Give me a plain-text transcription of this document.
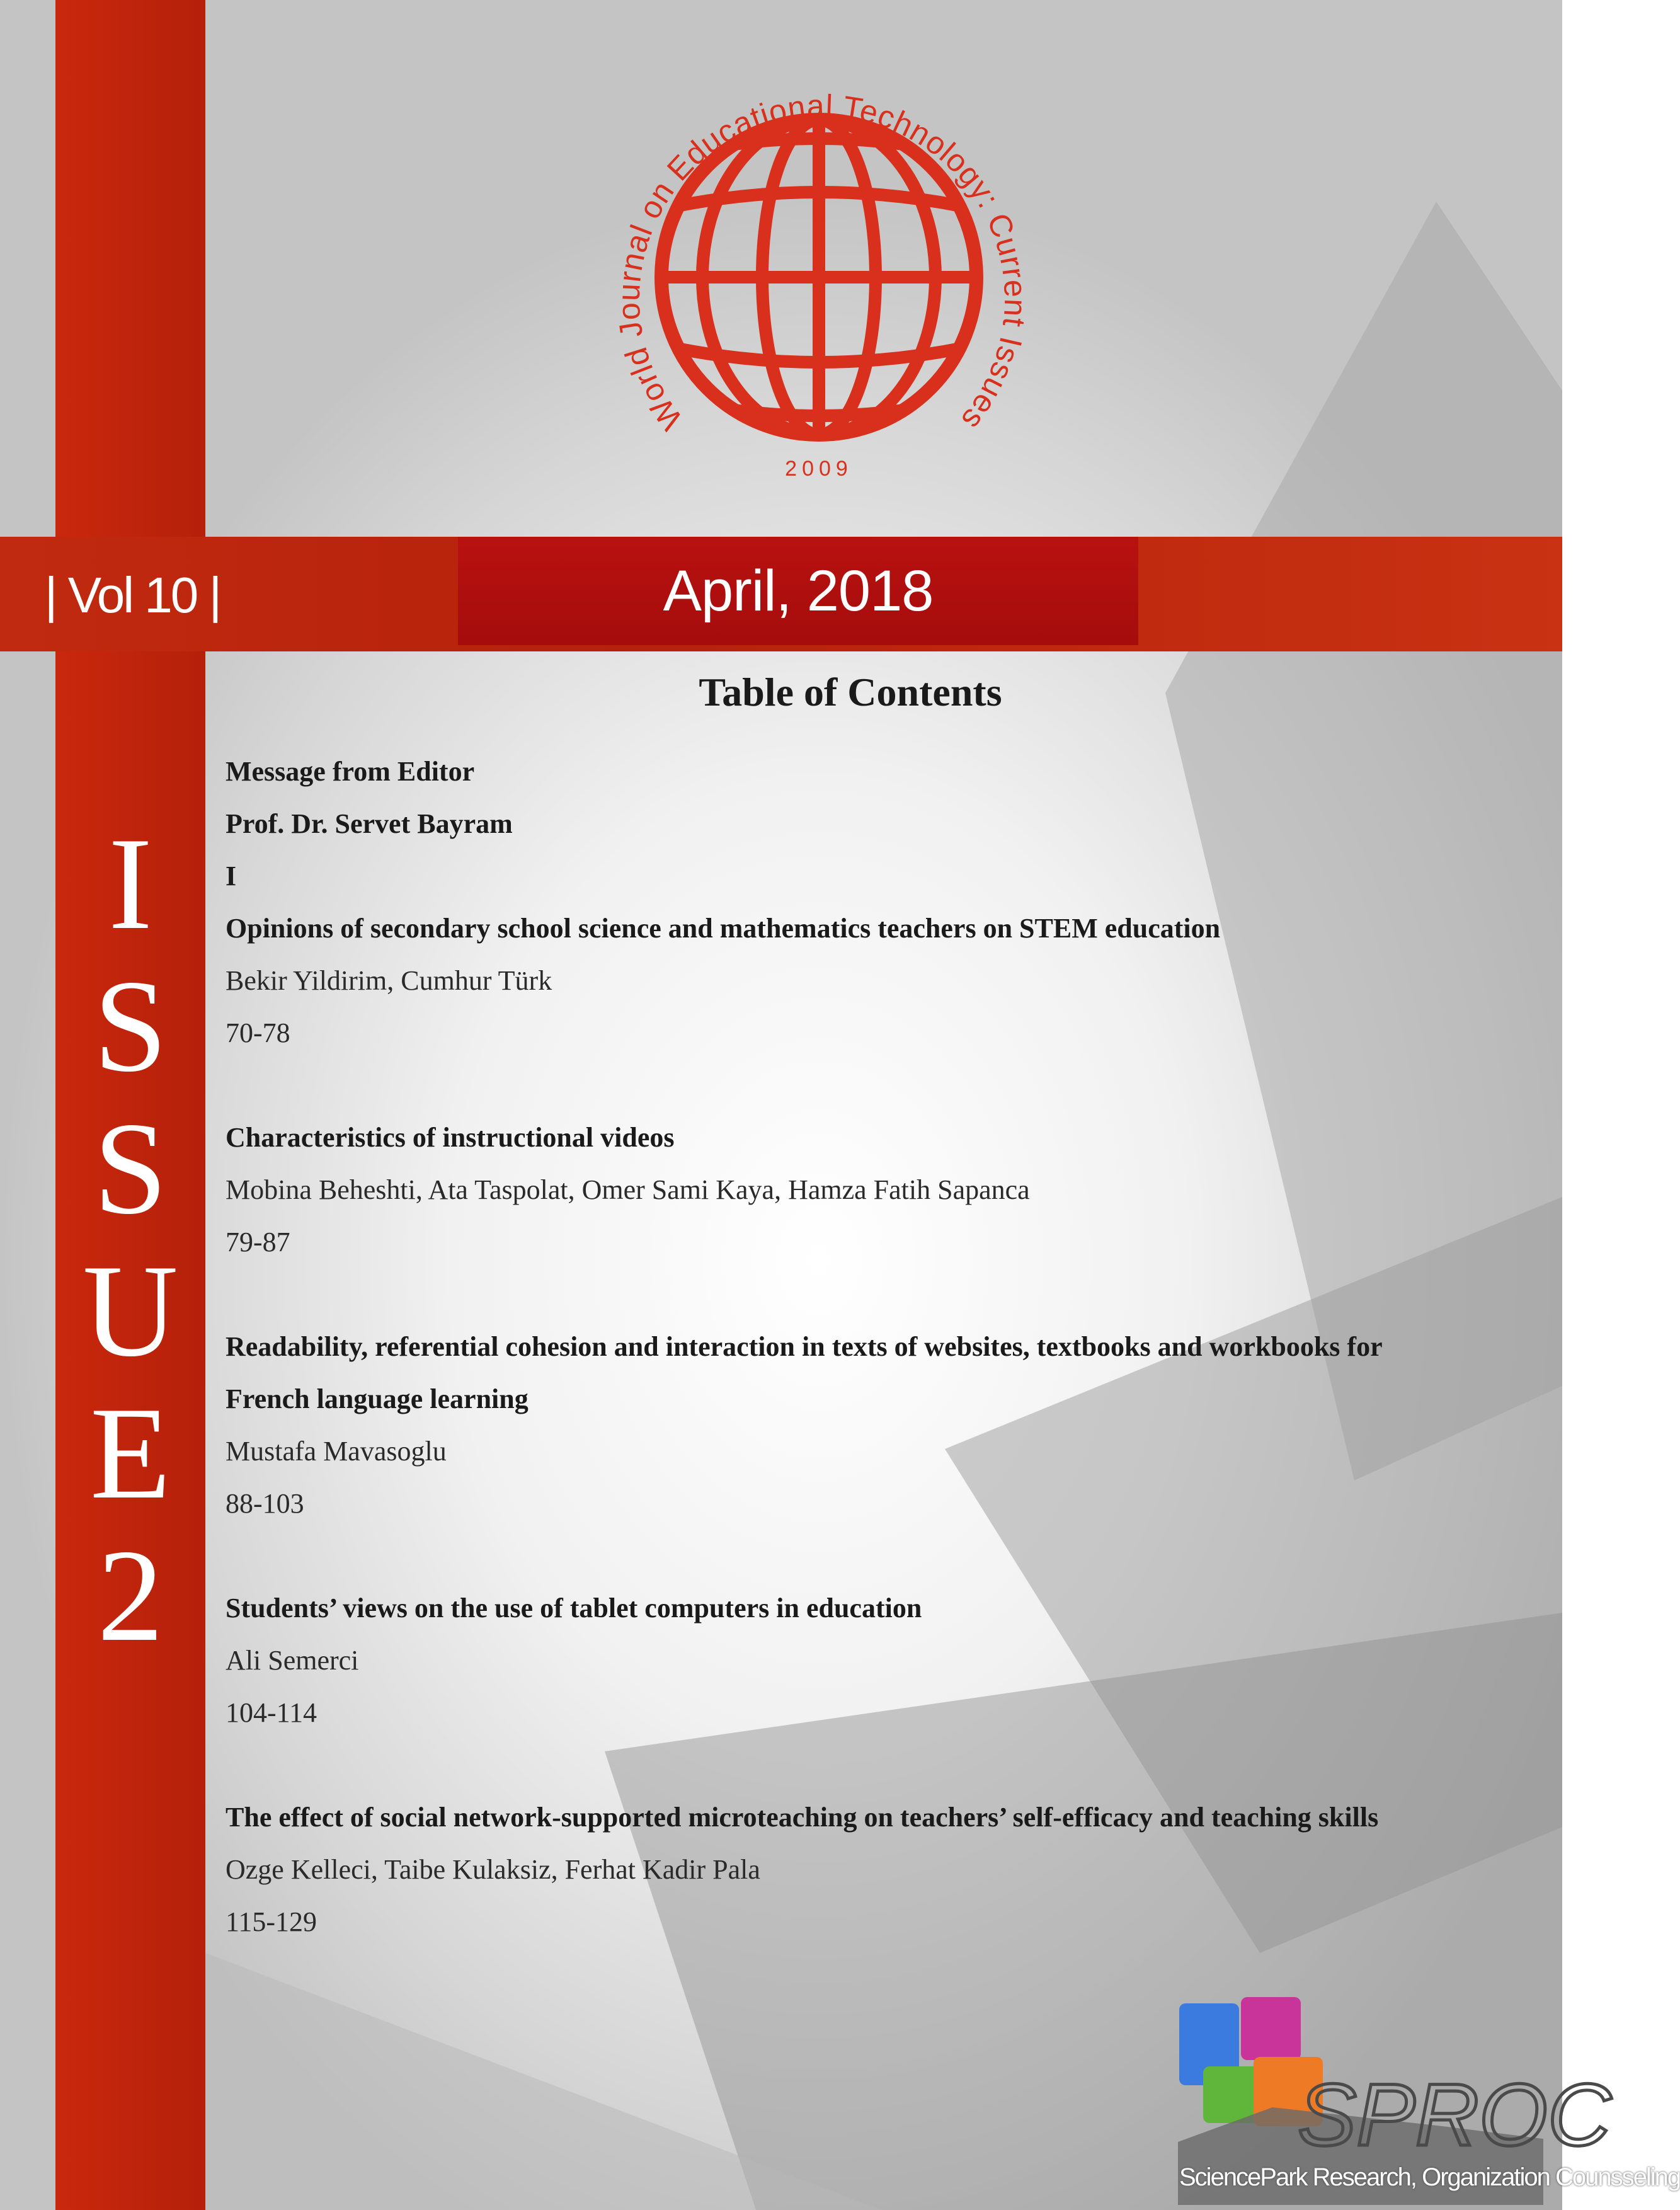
April, 2018
| Vol 10 |
I
S
S
U
E
2
World Journal on Educational Technology: Current Issues
2009
Table of Contents
Message from Editor
Prof. Dr. Servet Bayram
I
Opinions of secondary school science and mathematics teachers on STEM education
Bekir Yildirim, Cumhur Türk
70-78
Characteristics of instructional videos
Mobina Beheshti, Ata Taspolat, Omer Sami Kaya, Hamza Fatih Sapanca
79-87
Readability, referential cohesion and interaction in texts of websites, textbooks and workbooks for
French language learning
Mustafa Mavasoglu
88-103
Students’ views on the use of tablet computers in education
Ali Semerci
104-114
The effect of social network-supported microteaching on teachers’ self-efficacy and teaching skills
Ozge Kelleci, Taibe Kulaksiz, Ferhat Kadir Pala
115-129
SPROC
SciencePark Research, Organization Counsseling
